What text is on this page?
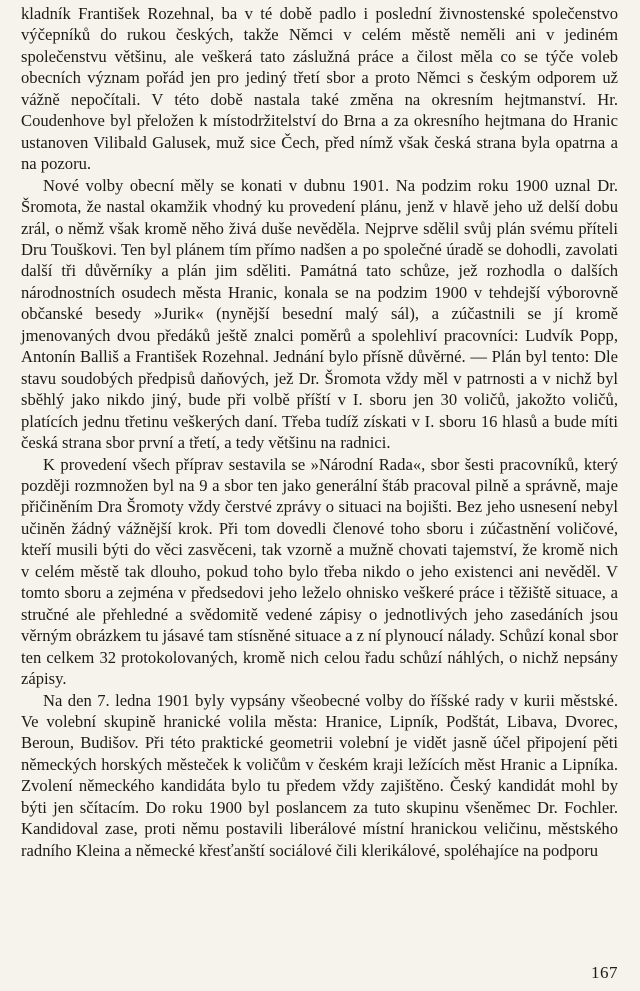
kladník František Rozehnal, ba v té době padlo i poslední živnostenské společenstvo výčepníků do rukou českých, takže Němci v celém městě neměli ani v jediném společenstvu většinu, ale veškerá tato záslužná práce a čilost měla co se týče voleb obecních význam pořád jen pro jediný třetí sbor a proto Němci s českým odporem už vážně nepočítali. V této době nastala také změna na okresním hejtmanství. Hr. Coudenhove byl přeložen k místodržitelství do Brna a za okresního hejtmana do Hranic ustanoven Vilibald Galusek, muž sice Čech, před nímž však česká strana byla opatrna a na pozoru.

Nové volby obecní měly se konati v dubnu 1901. Na podzim roku 1900 uznal Dr. Šromota, že nastal okamžik vhodný ku provedení plánu, jenž v hlavě jeho už delší dobu zrál, o němž však kromě něho živá duše nevěděla. Nejprve sdělil svůj plán svému příteli Dru Touškovi. Ten byl plánem tím přímo nadšen a po společné úradě se dohodli, zavolati další tři důvěrníky a plán jim sděliti. Památná tato schůze, jež rozhodla o dalších národnostních osudech města Hranic, konala se na podzim 1900 v tehdejší výborovně občanské besedy »Jurik« (nynější besední malý sál), a zúčastnili se jí kromě jmenovaných dvou předáků ještě znalci poměrů a spolehliví pracovníci: Ludvík Popp, Antonín Balliš a František Rozehnal. Jednání bylo přísně důvěrné. — Plán byl tento: Dle stavu soudobých předpisů daňových, jež Dr. Šromota vždy měl v patrnosti a v nichž byl sběhlý jako nikdo jiný, bude při volbě příští v I. sboru jen 30 voličů, jakožto voličů, platících jednu třetinu veškerých daní. Třeba tudíž získati v I. sboru 16 hlasů a bude míti česká strana sbor první a třetí, a tedy většinu na radnici.

K provedení všech příprav sestavila se »Národní Rada«, sbor šesti pracovníků, který později rozmnožen byl na 9 a sbor ten jako generální štáb pracoval pilně a správně, maje přičiněním Dra Šromoty vždy čerstvé zprávy o situaci na bojišti. Bez jeho usnesení nebyl učiněn žádný vážnější krok. Při tom dovedli členové toho sboru i zúčastnění voličové, kteří musili býti do věci zasvěceni, tak vzorně a mužně chovati tajemství, že kromě nich v celém městě tak dlouho, pokud toho bylo třeba nikdo o jeho existenci ani nevěděl. V tomto sboru a zejména v předsedovi jeho leželo ohnisko veškeré práce i těžiště situace, a stručné ale přehledné a svědomitě vedené zápisy o jednotlivých jeho zasedáních jsou věrným obrázkem tu jásavé tam stísněné situace a z ní plynoucí nálady. Schůzí konal sbor ten celkem 32 protokolovaných, kromě nich celou řadu schůzí náhlých, o nichž nepsány zápisy.

Na den 7. ledna 1901 byly vypsány všeobecné volby do říšské rady v kurii městské. Ve volební skupině hranické volila města: Hranice, Lipník, Podštát, Libava, Dvorec, Beroun, Budišov. Při této praktické geometrii volební je vidět jasně účel připojení pěti německých horských městeček k voličům v českém kraji ležících měst Hranic a Lipníka. Zvolení německého kandidáta bylo tu předem vždy zajištěno. Český kandidát mohl by býti jen sčítacím. Do roku 1900 byl poslancem za tuto skupinu všeněmec Dr. Fochler. Kandidoval zase, proti němu postavili liberálové místní hranickou veličinu, městského radního Kleina a německé křesťanští sociálové čili klerikálové, spoléhajíce na podporu

167
